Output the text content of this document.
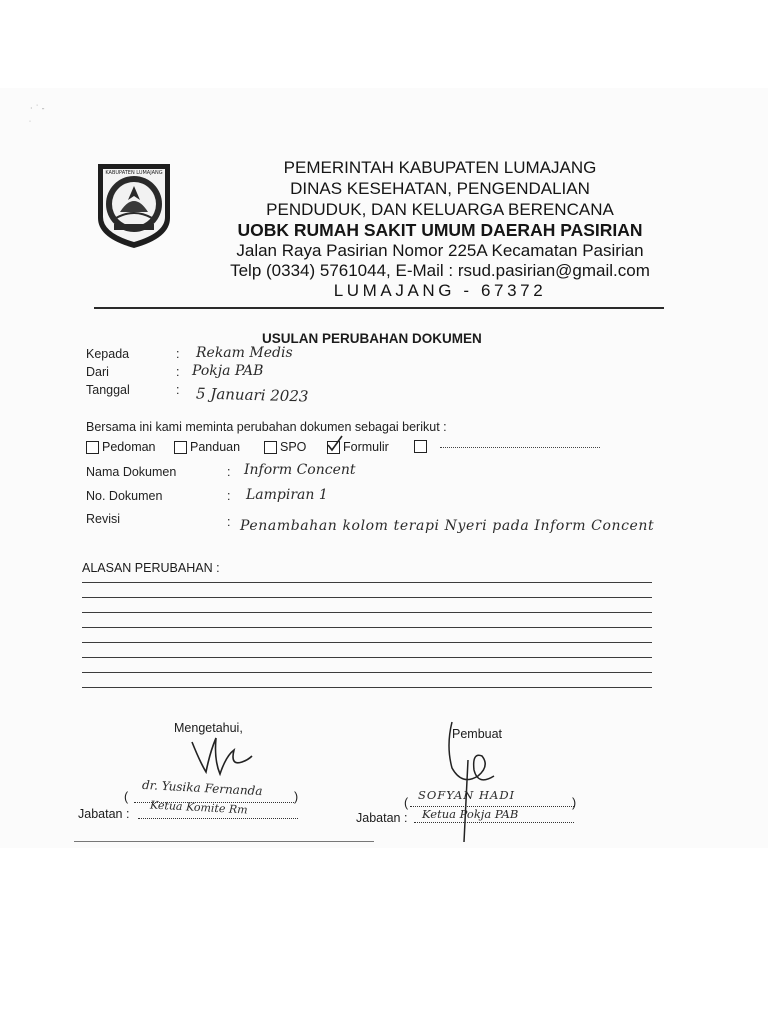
· ˙ -
˙
KABUPATEN LUMAJANG	PEMERINTAH KABUPATEN LUMAJANG
DINAS KESEHATAN, PENGENDALIAN
PENDUDUK, DAN KELUARGA BERENCANA
UOBK RUMAH SAKIT UMUM DAERAH PASIRIAN
Jalan Raya Pasirian Nomor 225A Kecamatan Pasirian
Telp (0334) 5761044, E-Mail : rsud.pasirian@gmail.com
LUMAJANG - 67372
USULAN PERUBAHAN DOKUMEN
Kepada	: Rekam Medis
Dari	: Pokja PAB
Tanggal	: 5 Januari 2023
Bersama ini kami meminta perubahan dokumen sebagai berikut :
Pedoman	Panduan	SPO	Formulir
Nama Dokumen	: Inform Concent
No. Dokumen	: Lampiran 1
Revisi	: Penambahan kolom terapi Nyeri pada Inform Concent
ALASAN PERUBAHAN :
Mengetahui,
( dr. Yusika Fernanda )
Jabatan : Ketua Komite Rm
Pembuat
(
SOFYAN HADI
)
Jabatan : Ketua Pokja PAB
